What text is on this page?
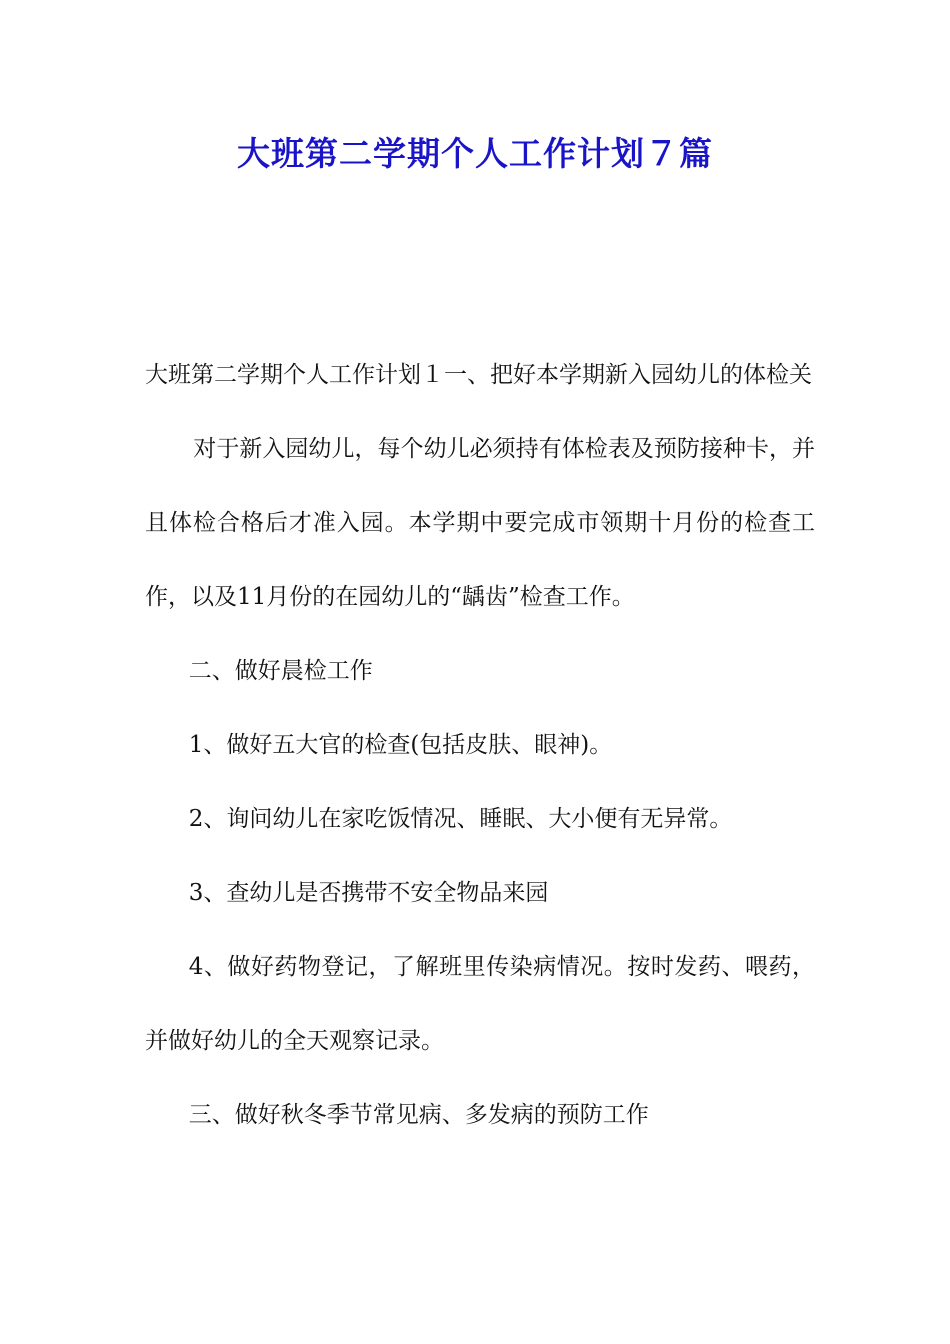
大班第二学期个人工作计划７篇

大班第二学期个人工作计划１一、把好本学期新入园幼儿的体检关

对于新入园幼儿，每个幼儿必须持有体检表及预防接种卡，并且体检合格后才准入园。本学期中要完成市领期十月份的检查工作，以及11月份的在园幼儿的“龋齿”检查工作。

二、做好晨检工作

1、做好五大官的检查(包括皮肤、眼神)。

2、询问幼儿在家吃饭情况、睡眠、大小便有无异常。

3、查幼儿是否携带不安全物品来园

4、做好药物登记，了解班里传染病情况。按时发药、喂药，并做好幼儿的全天观察记录。

三、做好秋冬季节常见病、多发病的预防工作
